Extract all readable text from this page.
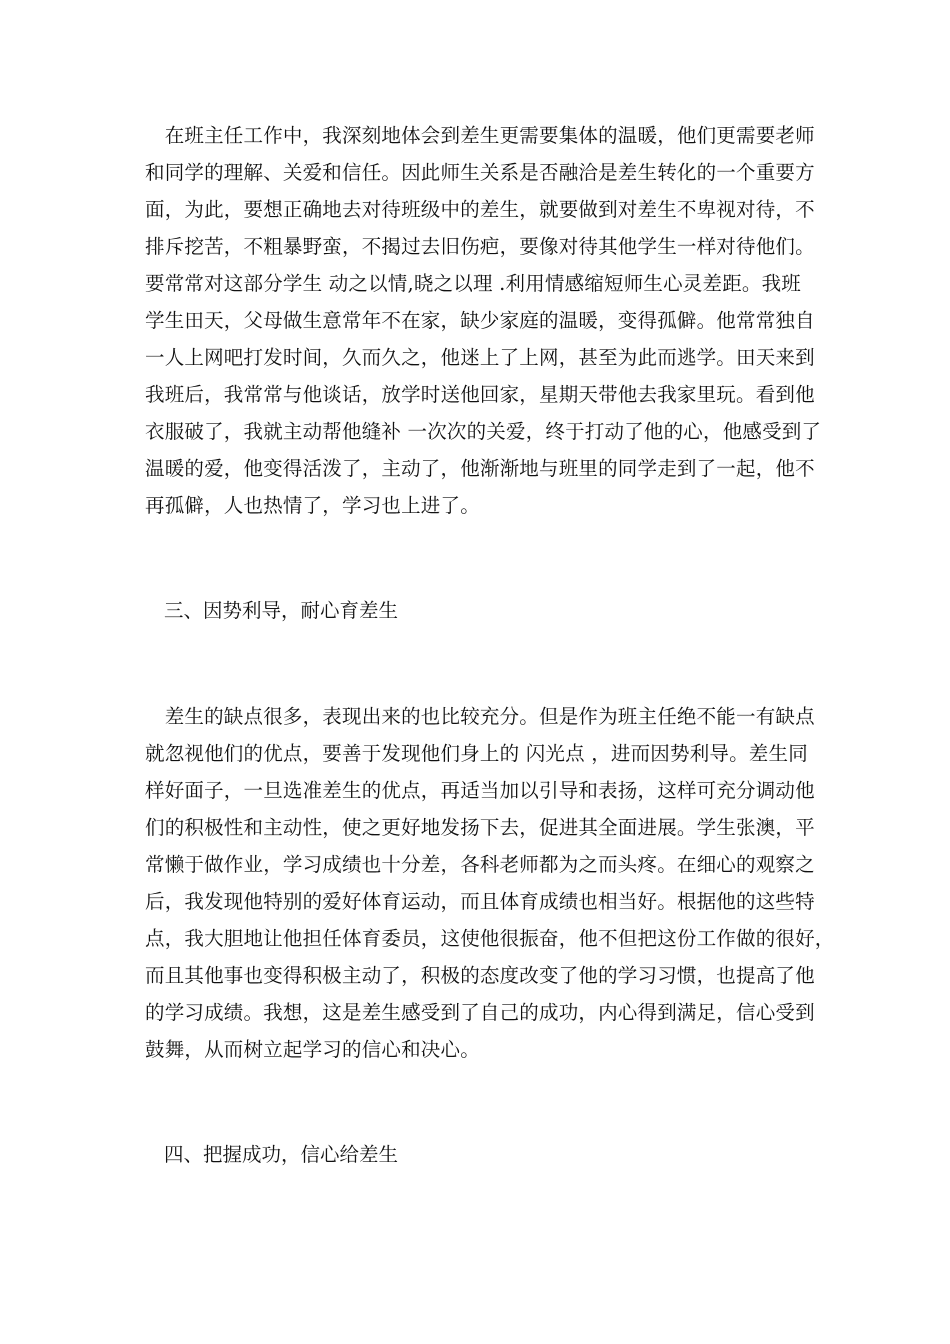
　在班主任工作中，我深刻地体会到差生更需要集体的温暖，他们更需要老师
和同学的理解、关爱和信任。因此师生关系是否融洽是差生转化的一个重要方
面，为此，要想正确地去对待班级中的差生，就要做到对差生不卑视对待，不
排斥挖苦，不粗暴野蛮，不揭过去旧伤疤，要像对待其他学生一样对待他们。
要常常对这部分学生 动之以情,晓之以理 .利用情感缩短师生心灵差距。我班
学生田天，父母做生意常年不在家，缺少家庭的温暖，变得孤僻。他常常独自
一人上网吧打发时间，久而久之，他迷上了上网，甚至为此而逃学。田天来到
我班后，我常常与他谈话，放学时送他回家，星期天带他去我家里玩。看到他
衣服破了，我就主动帮他缝补 一次次的关爱，终于打动了他的心，他感受到了
温暖的爱，他变得活泼了，主动了，他渐渐地与班里的同学走到了一起，他不
再孤僻，人也热情了，学习也上进了。
三、因势利导，耐心育差生
　差生的缺点很多，表现出来的也比较充分。但是作为班主任绝不能一有缺点
就忽视他们的优点，要善于发现他们身上的 闪光点 ，进而因势利导。差生同
样好面子，一旦选准差生的优点，再适当加以引导和表扬，这样可充分调动他
们的积极性和主动性，使之更好地发扬下去，促进其全面进展。学生张澳，平
常懒于做作业，学习成绩也十分差，各科老师都为之而头疼。在细心的观察之
后，我发现他特别的爱好体育运动，而且体育成绩也相当好。根据他的这些特
点，我大胆地让他担任体育委员，这使他很振奋，他不但把这份工作做的很好，
而且其他事也变得积极主动了，积极的态度改变了他的学习习惯，也提高了他
的学习成绩。我想，这是差生感受到了自己的成功，内心得到满足，信心受到
鼓舞，从而树立起学习的信心和决心。
四、把握成功，信心给差生
